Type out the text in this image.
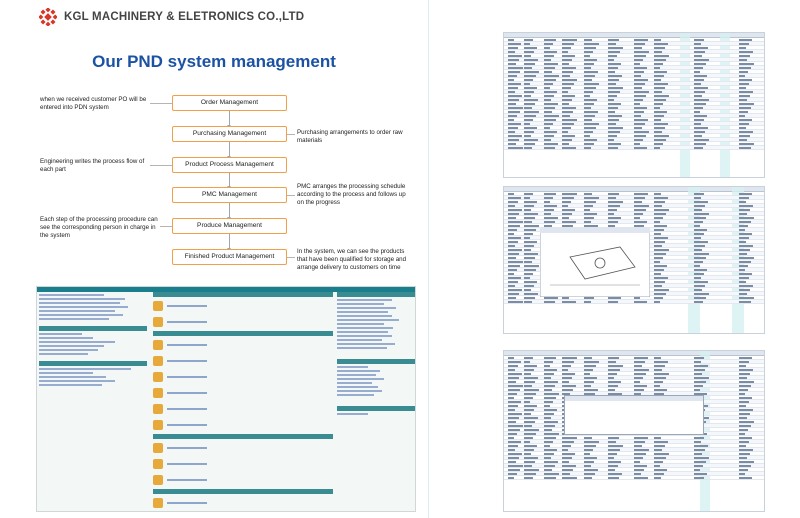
KGL MACHINERY & ELETRONICS CO.,LTD
Our PND system management
Order Management
Purchasing Management
Product Process Management
PMC Management
Produce Management
Finished Product Management
when we received customer PO will be entered into PDN system
Engineering writes the process flow of each part
Each step of the processing procedure can see the corresponding person in charge in the system
Purchasing arrangements to order raw materials
PMC arranges the processing schedule according to the process and follows up on the progress
In the system, we can see the products that have been qualified for storage and arrange delivery to customers on time
